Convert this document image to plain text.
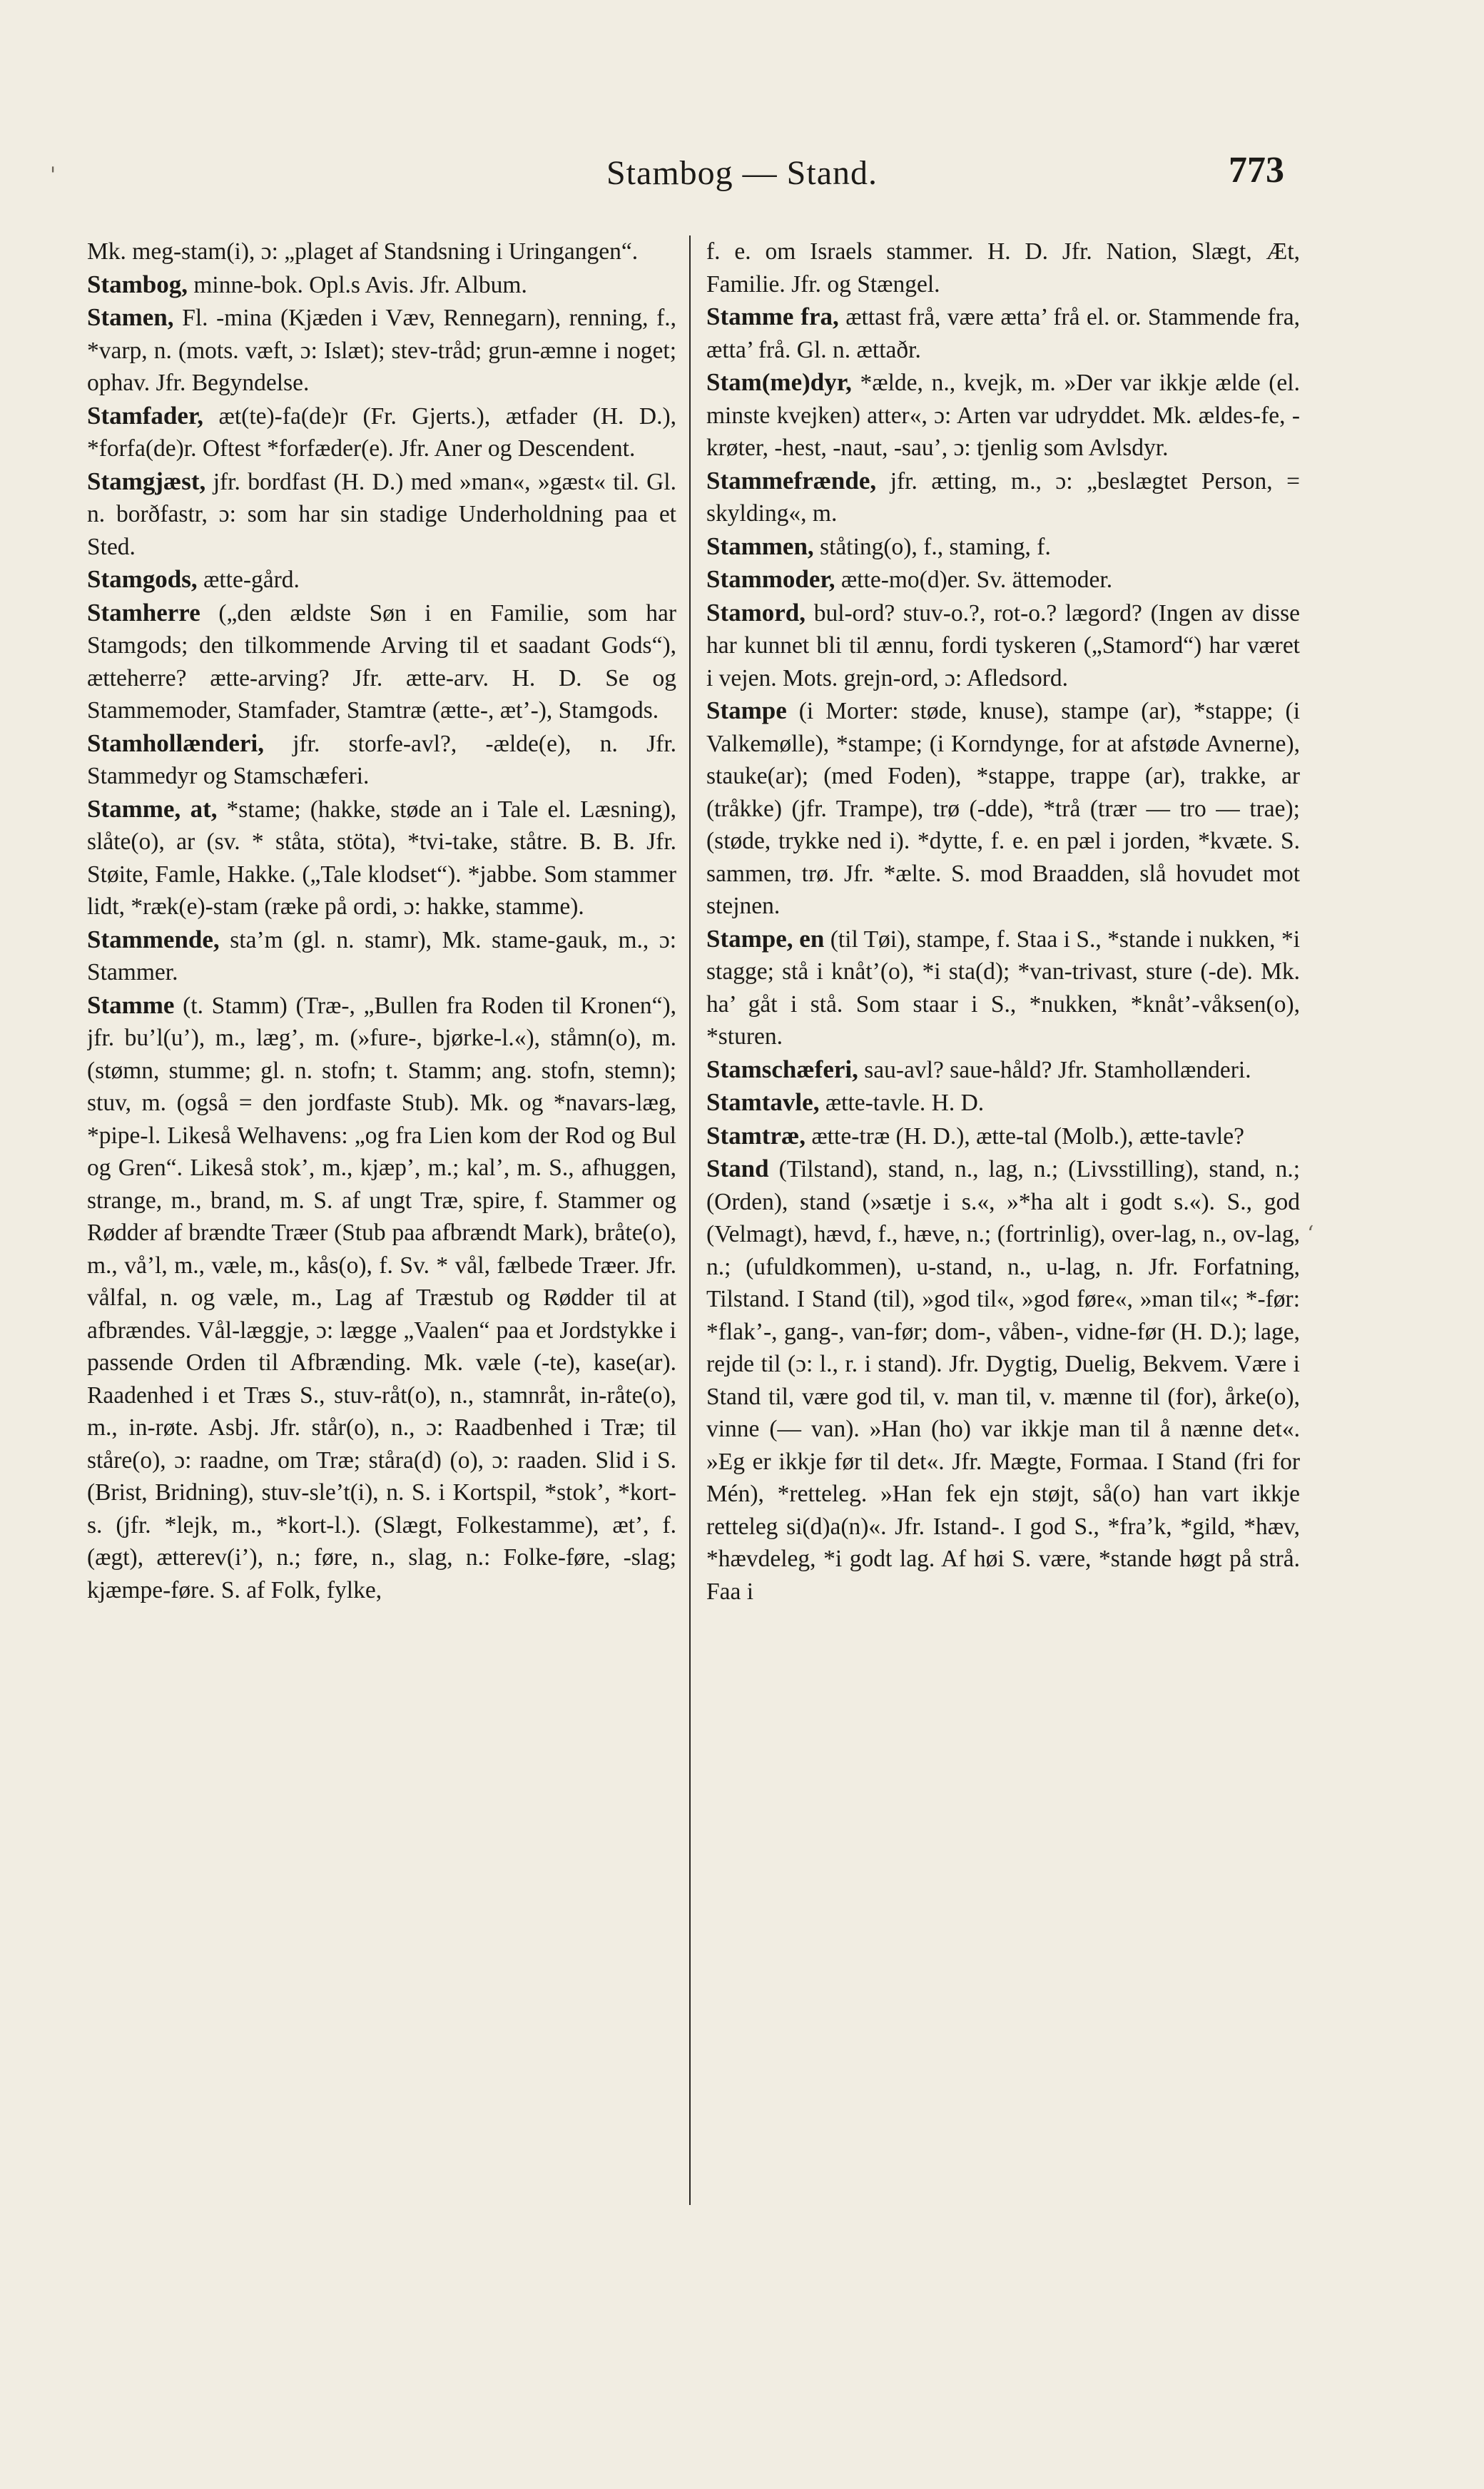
'	Stambog — Stand.	773

Mk. meg-stam(i), ɔ: „plaget af Standsning i Uringangen“.

Stambog, minne-bok. Opl.s Avis. Jfr. Album.

Stamen, Fl. -mina (Kjæden i Væv, Rennegarn), renning, f., *varp, n. (mots. væft, ɔ: Islæt); stev-tråd; grun-æmne i noget; ophav. Jfr. Begyndelse.

Stamfader, æt(te)-fa(de)r (Fr. Gjerts.), ætfader (H. D.), *forfa(de)r. Oftest *forfæder(e). Jfr. Aner og Descendent.

Stamgjæst, jfr. bordfast (H. D.) med »man«, »gæst« til. Gl. n. borðfastr, ɔ: som har sin stadige Underholdning paa et Sted.

Stamgods, ætte-gård.

Stamherre („den ældste Søn i en Familie, som har Stamgods; den tilkommende Arving til et saadant Gods“), ætteherre? ætte-arving? Jfr. ætte-arv. H. D. Se og Stammemoder, Stamfader, Stamtræ (ætte-, æt’-), Stamgods.

Stamhollænderi, jfr. storfe-avl?, -ælde(e), n. Jfr. Stammedyr og Stamschæferi.

Stamme, at, *stame; (hakke, støde an i Tale el. Læsning), slåte(o), ar (sv. * ståta, stöta), *tvi-take, ståtre. B. B. Jfr. Støite, Famle, Hakke. („Tale klodset“). *jabbe. Som stammer lidt, *ræk(e)-stam (ræke på ordi, ɔ: hakke, stamme).

Stammende, sta’m (gl. n. stamr), Mk. stame-gauk, m., ɔ: Stammer.

Stamme (t. Stamm) (Træ-, „Bullen fra Roden til Kronen“), jfr. bu’l(u’), m., læg’, m. (»fure-, bjørke-l.«), ståmn(o), m. (stømn, stumme; gl. n. stofn; t. Stamm; ang. stofn, stemn); stuv, m. (også = den jordfaste Stub). Mk. og *navars-læg, *pipe-l. Likeså Welhavens: „og fra Lien kom der Rod og Bul og Gren“. Likeså stok’, m., kjæp’, m.; kal’, m. S., afhuggen, strange, m., brand, m. S. af ungt Træ, spire, f. Stammer og Rødder af brændte Træer (Stub paa afbrændt Mark), bråte(o), m., vå’l, m., væle, m., kås(o), f. Sv. * vål, fælbede Træer. Jfr. vålfal, n. og væle, m., Lag af Træstub og Rødder til at afbrændes. Vål-læggje, ɔ: lægge „Vaalen“ paa et Jordstykke i passende Orden til Afbrænding. Mk. væle (-te), kase(ar). Raadenhed i et Træs S., stuv-råt(o), n., stamnråt, in-råte(o), m., in-røte. Asbj. Jfr. står(o), n., ɔ: Raadbenhed i Træ; til ståre(o), ɔ: raadne, om Træ; ståra(d) (o), ɔ: raaden. Slid i S. (Brist, Bridning), stuv-sle’t(i), n. S. i Kortspil, *stok’, *kort-s. (jfr. *lejk, m., *kort-l.). (Slægt, Folkestamme), æt’, f. (ægt), ætterev(i’), n.; føre, n., slag, n.: Folke-føre, -slag; kjæmpe-føre. S. af Folk, fylke,

f. e. om Israels stammer. H. D. Jfr. Nation, Slægt, Æt, Familie. Jfr. og Stængel.

Stamme fra, ættast frå, være ætta’ frå el. or. Stammende fra, ætta’ frå. Gl. n. ættaðr.

Stam(me)dyr, *ælde, n., kvejk, m. »Der var ikkje ælde (el. minste kvejken) atter«, ɔ: Arten var udryddet. Mk. ældes-fe, -krøter, -hest, -naut, -sau’, ɔ: tjenlig som Avlsdyr.

Stammefrænde, jfr. ætting, m., ɔ: „beslægtet Person, = skylding«, m.

Stammen, ståting(o), f., staming, f.

Stammoder, ætte-mo(d)er. Sv. ättemoder.

Stamord, bul-ord? stuv-o.?, rot-o.? lægord? (Ingen av disse har kunnet bli til ænnu, fordi tyskeren („Stamord“) har været i vejen. Mots. grejn-ord, ɔ: Afledsord.

Stampe (i Morter: støde, knuse), stampe (ar), *stappe; (i Valkemølle), *stampe; (i Korndynge, for at afstøde Avnerne), stauke(ar); (med Foden), *stappe, trappe (ar), trakke, ar (tråkke) (jfr. Trampe), trø (-dde), *trå (trær — tro — trae); (støde, trykke ned i). *dytte, f. e. en pæl i jorden, *kvæte. S. sammen, trø. Jfr. *ælte. S. mod Braadden, slå hovudet mot stejnen.

Stampe, en (til Tøi), stampe, f. Staa i S., *stande i nukken, *i stagge; stå i knåt’(o), *i sta(d); *van-trivast, sture (-de). Mk. ha’ gåt i stå. Som staar i S., *nukken, *knåt’-våksen(o), *sturen.

Stamschæferi, sau-avl? saue-håld? Jfr. Stamhollænderi.

Stamtavle, ætte-tavle. H. D.

Stamtræ, ætte-træ (H. D.), ætte-tal (Molb.), ætte-tavle?

Stand (Tilstand), stand, n., lag, n.; (Livsstilling), stand, n.; (Orden), stand (»sætje i s.«, »*ha alt i godt s.«). S., god (Velmagt), hævd, f., hæve, n.; (fortrinlig), over-lag, n., ov-lag, n.; (ufuldkommen), u-stand, n., u-lag, n. Jfr. Forfatning, Tilstand. I Stand (til), »god til«, »god føre«, »man til«; *-før: *flak’-, gang-, van-før; dom-, våben-, vidne-før (H. D.); lage, rejde til (ɔ: l., r. i stand). Jfr. Dygtig, Duelig, Bekvem. Være i Stand til, være god til, v. man til, v. mænne til (for), årke(o), vinne (— van). »Han (ho) var ikkje man til å nænne det«. »Eg er ikkje før til det«. Jfr. Mægte, Formaa. I Stand (fri for Mén), *retteleg. »Han fek ejn støjt, så(o) han vart ikkje retteleg si(d)a(n)«. Jfr. Istand-. I god S., *fra’k, *gild, *hæv, *hævdeleg, *i godt lag. Af høi S. være, *stande høgt på strå. Faa i

ʻ
